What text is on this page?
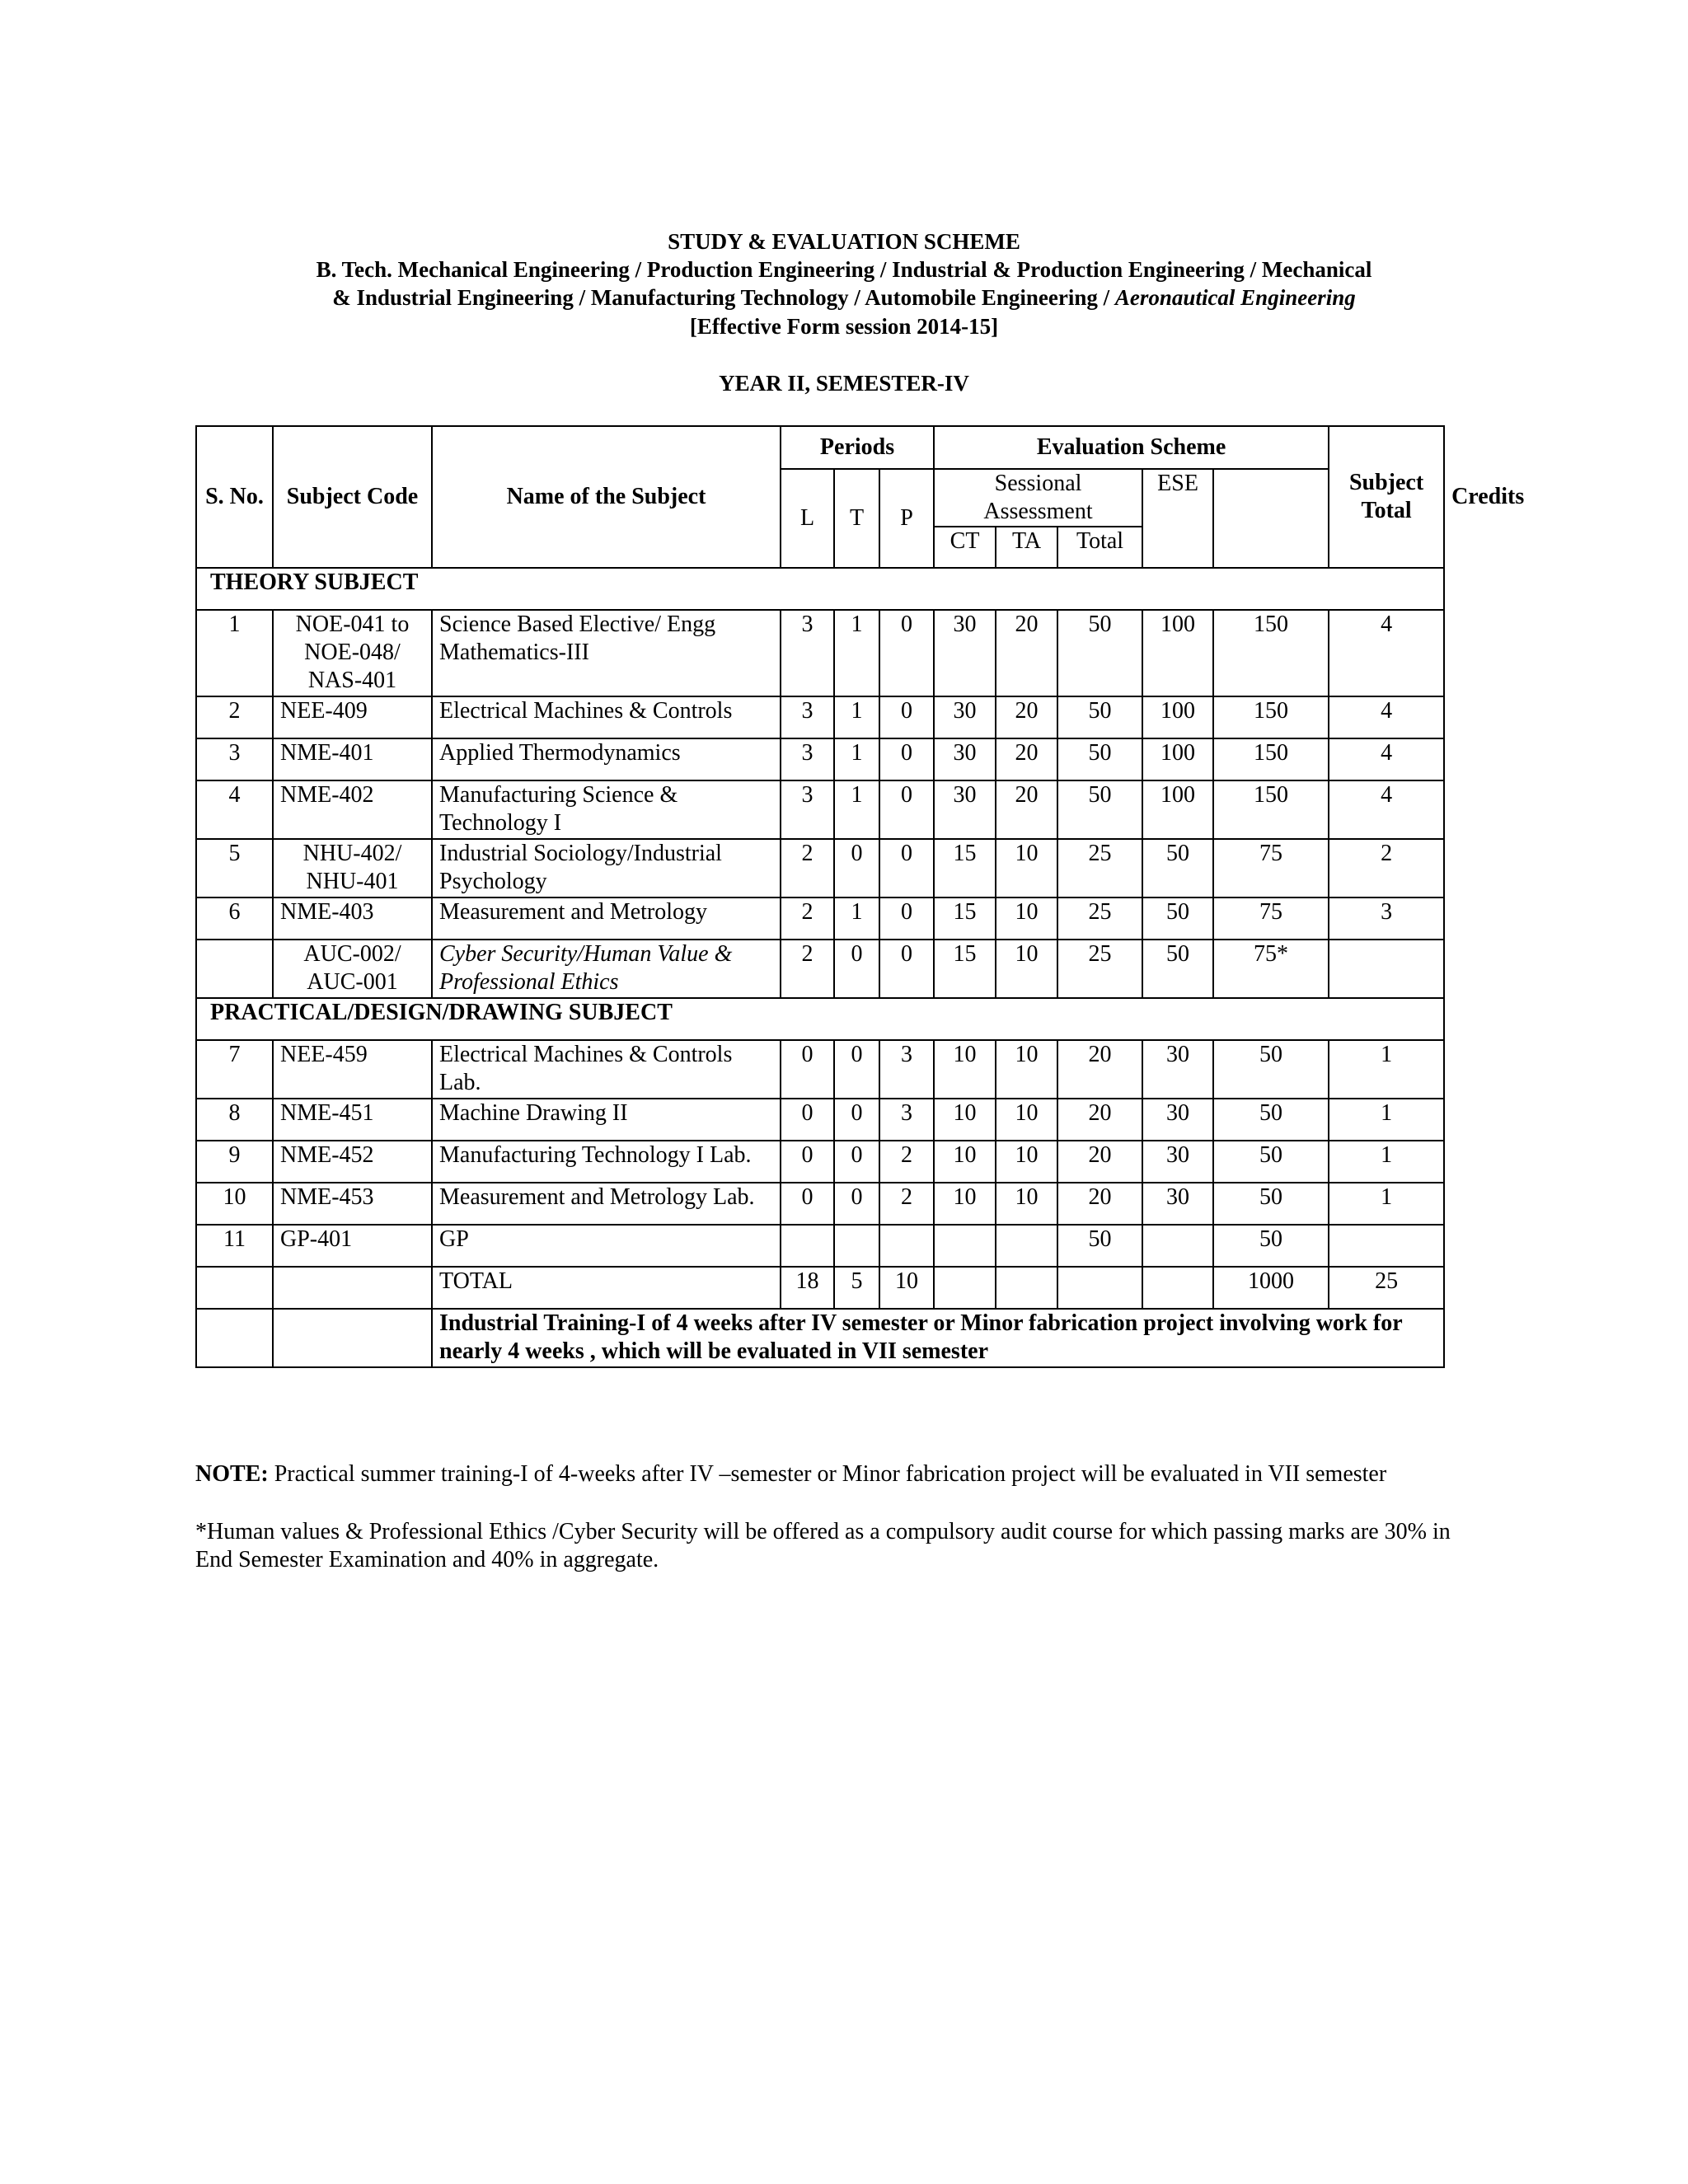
STUDY & EVALUATION SCHEME
B. Tech. Mechanical Engineering / Production Engineering / Industrial & Production Engineering / Mechanical
& Industrial Engineering / Manufacturing Technology / Automobile Engineering / Aeronautical Engineering
[Effective Form session 2014-15]
YEAR II, SEMESTER-IV
S. No.	Subject Code	Name of the Subject	Periods			Evaluation Scheme					Subject Total	Credits
			L	T	P	Sessional Assessment			ESE			
						CT	TA	Total				
THEORY SUBJECT												
1	NOE-041 to NOE-048/ NAS-401	Science Based Elective/ Engg Mathematics-III	3	1	0	30	20	50	100	150	4	
2	NEE-409	Electrical Machines & Controls	3	1	0	30	20	50	100	150	4	
3	NME-401	Applied Thermodynamics	3	1	0	30	20	50	100	150	4	
4	NME-402	Manufacturing Science & Technology I	3	1	0	30	20	50	100	150	4	
5	NHU-402/ NHU-401	Industrial Sociology/Industrial Psychology	2	0	0	15	10	25	50	75	2	
6	NME-403	Measurement and Metrology	2	1	0	15	10	25	50	75	3	
	AUC-002/ AUC-001	Cyber Security/Human Value & Professional Ethics	2	0	0	15	10	25	50	75*		
PRACTICAL/DESIGN/DRAWING SUBJECT												
7	NEE-459	Electrical Machines & Controls Lab.	0	0	3	10	10	20	30	50	1	
8	NME-451	Machine Drawing II	0	0	3	10	10	20	30	50	1	
9	NME-452	Manufacturing Technology I Lab.	0	0	2	10	10	20	30	50	1	
10	NME-453	Measurement and Metrology Lab.	0	0	2	10	10	20	30	50	1	
11	GP-401	GP						50		50		
		TOTAL	18	5	10					1000	25	
		Industrial Training-I of 4 weeks after IV semester or Minor fabrication project involving work for nearly 4 weeks , which will be evaluated in VII semester										
NOTE: Practical summer training-I of 4-weeks after IV –semester or Minor fabrication project will be evaluated in VII semester
*Human values & Professional Ethics /Cyber Security will be offered as a compulsory audit course for which passing marks are 30% in End Semester Examination and 40% in aggregate.
